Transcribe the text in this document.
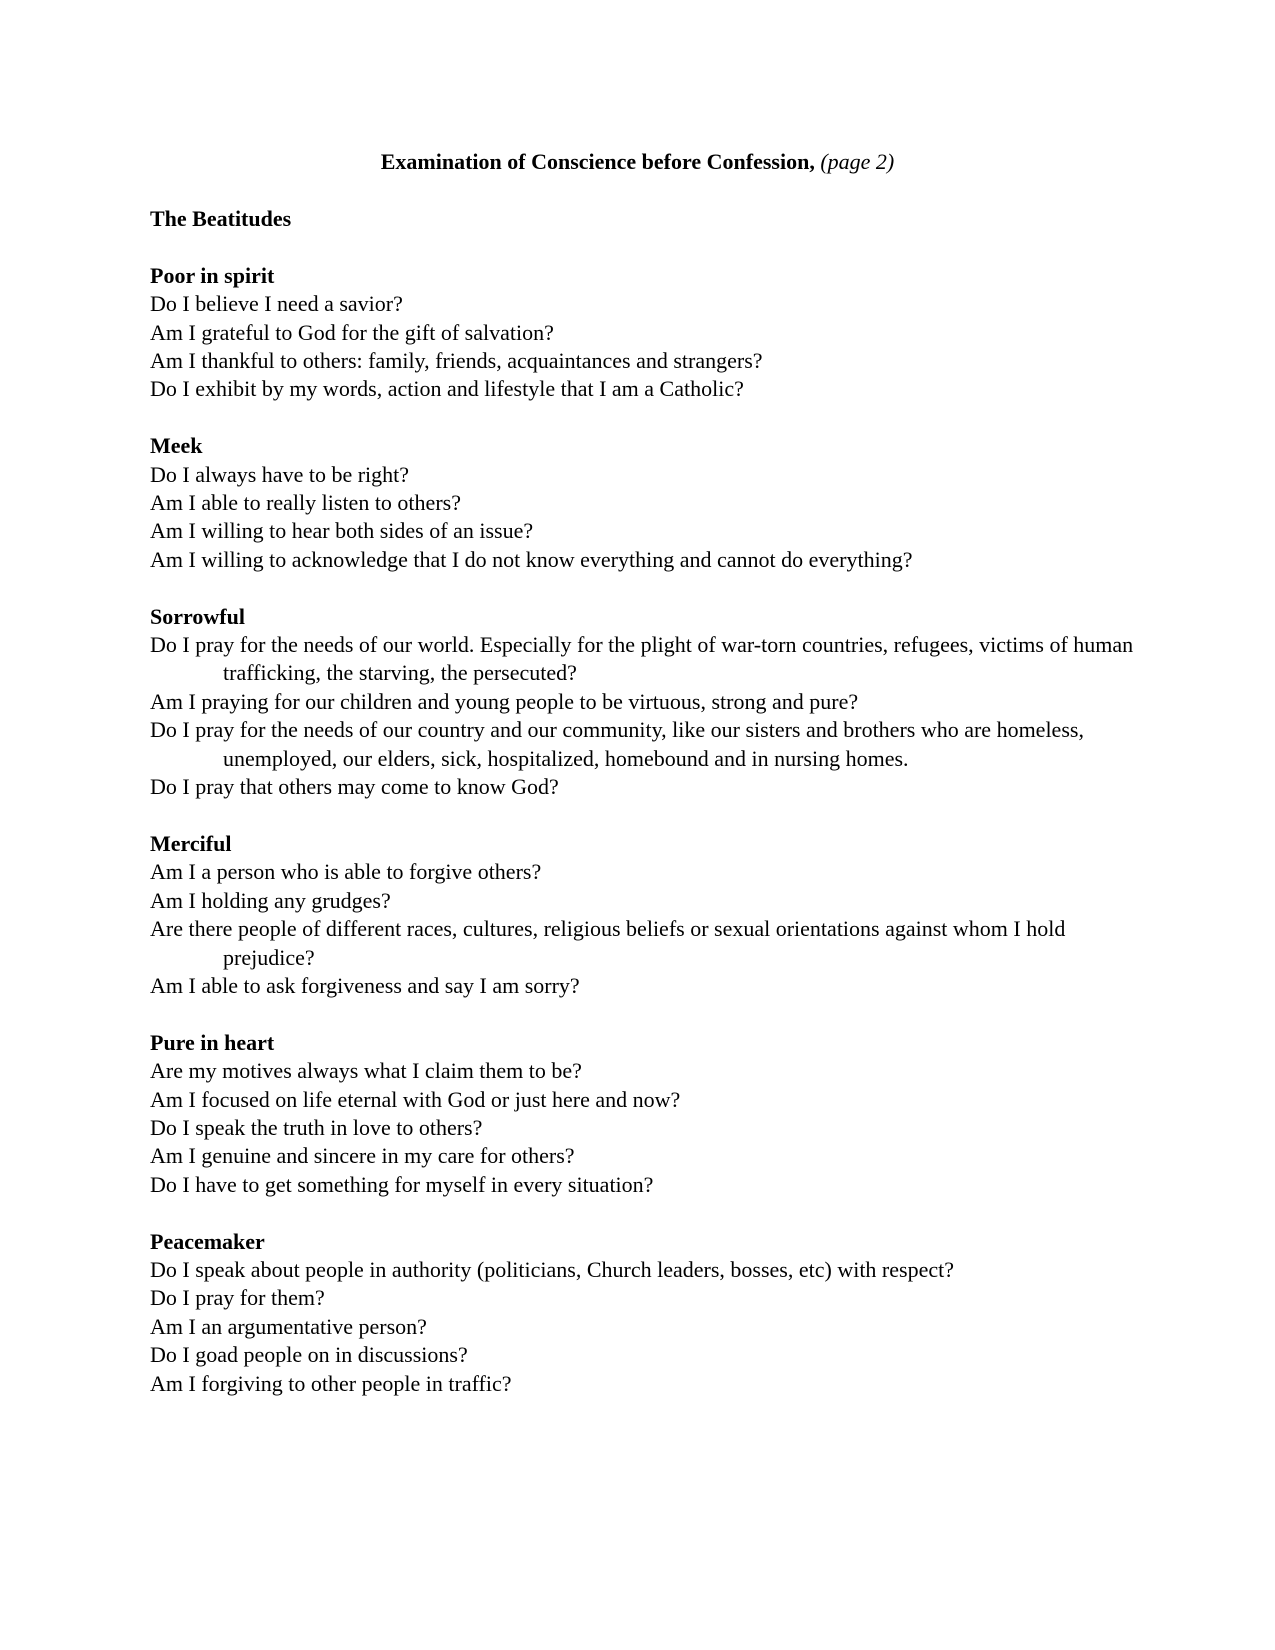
Examination of Conscience before Confession, (page 2)
The Beatitudes
Poor in spirit
Do I believe I need a savior?
Am I grateful to God for the gift of salvation?
Am I thankful to others: family, friends, acquaintances and strangers?
Do I exhibit by my words, action and lifestyle that I am a Catholic?
Meek
Do I always have to be right?
Am I able to really listen to others?
Am I willing to hear both sides of an issue?
Am I willing to acknowledge that I do not know everything and cannot do everything?
Sorrowful
Do I pray for the needs of our world. Especially for the plight of war-torn countries, refugees, victims of human trafficking, the starving, the persecuted?
Am I praying for our children and young people to be virtuous, strong and pure?
Do I pray for the needs of our country and our community, like our sisters and brothers who are homeless, unemployed, our elders, sick, hospitalized, homebound and in nursing homes.
Do I pray that others may come to know God?
Merciful
Am I a person who is able to forgive others?
Am I holding any grudges?
Are there people of different races, cultures, religious beliefs or sexual orientations against whom I hold prejudice?
Am I able to ask forgiveness and say I am sorry?
Pure in heart
Are my motives always what I claim them to be?
Am I focused on life eternal with God or just here and now?
Do I speak the truth in love to others?
Am I genuine and sincere in my care for others?
Do I have to get something for myself in every situation?
Peacemaker
Do I speak about people in authority (politicians, Church leaders, bosses, etc) with respect?
Do I pray for them?
Am I an argumentative person?
Do I goad people on in discussions?
Am I forgiving to other people in traffic?
